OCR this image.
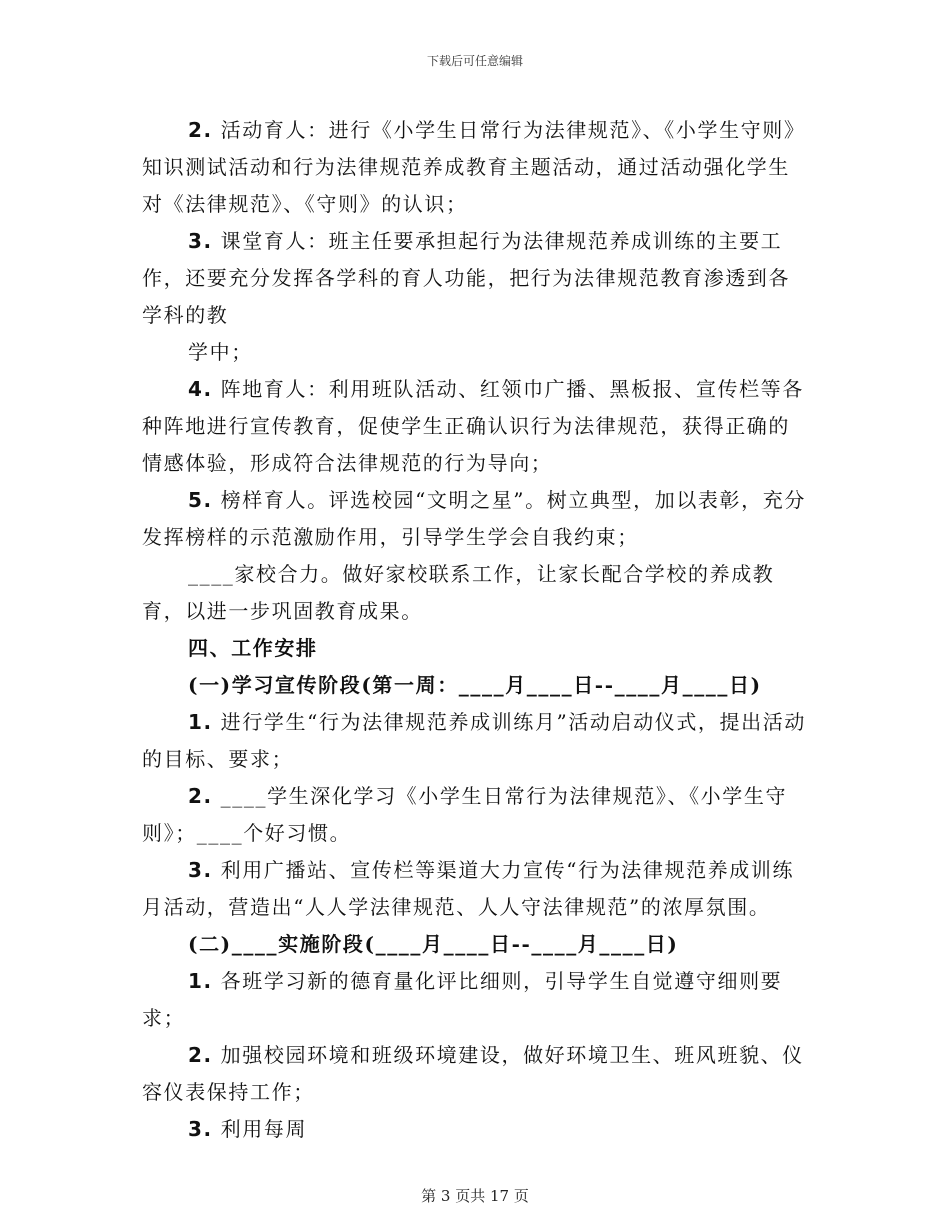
下载后可任意编辑

2. 活动育人：进行《小学生日常行为法律规范》、《小学生守则》知识测试活动和行为法律规范养成教育主题活动，通过活动强化学生对《法律规范》、《守则》的认识；

3. 课堂育人：班主任要承担起行为法律规范养成训练的主要工作，还要充分发挥各学科的育人功能，把行为法律规范教育渗透到各学科的教

学中；

4. 阵地育人：利用班队活动、红领巾广播、黑板报、宣传栏等各种阵地进行宣传教育，促使学生正确认识行为法律规范，获得正确的情感体验，形成符合法律规范的行为导向；

5. 榜样育人。评选校园“文明之星”。树立典型，加以表彰，充分发挥榜样的示范激励作用，引导学生学会自我约束；

____家校合力。做好家校联系工作，让家长配合学校的养成教育，以进一步巩固教育成果。

四、工作安排

(一)学习宣传阶段(第一周：____月____日--____月____日)

1. 进行学生“行为法律规范养成训练月”活动启动仪式，提出活动的目标、要求；

2. ____学生深化学习《小学生日常行为法律规范》、《小学生守则》；____个好习惯。

3. 利用广播站、宣传栏等渠道大力宣传“行为法律规范养成训练月活动，营造出“人人学法律规范、人人守法律规范”的浓厚氛围。

(二)____实施阶段(____月____日--____月____日)

1. 各班学习新的德育量化评比细则，引导学生自觉遵守细则要求；

2. 加强校园环境和班级环境建设，做好环境卫生、班风班貌、仪容仪表保持工作；

3. 利用每周

第 3 页共 17 页
